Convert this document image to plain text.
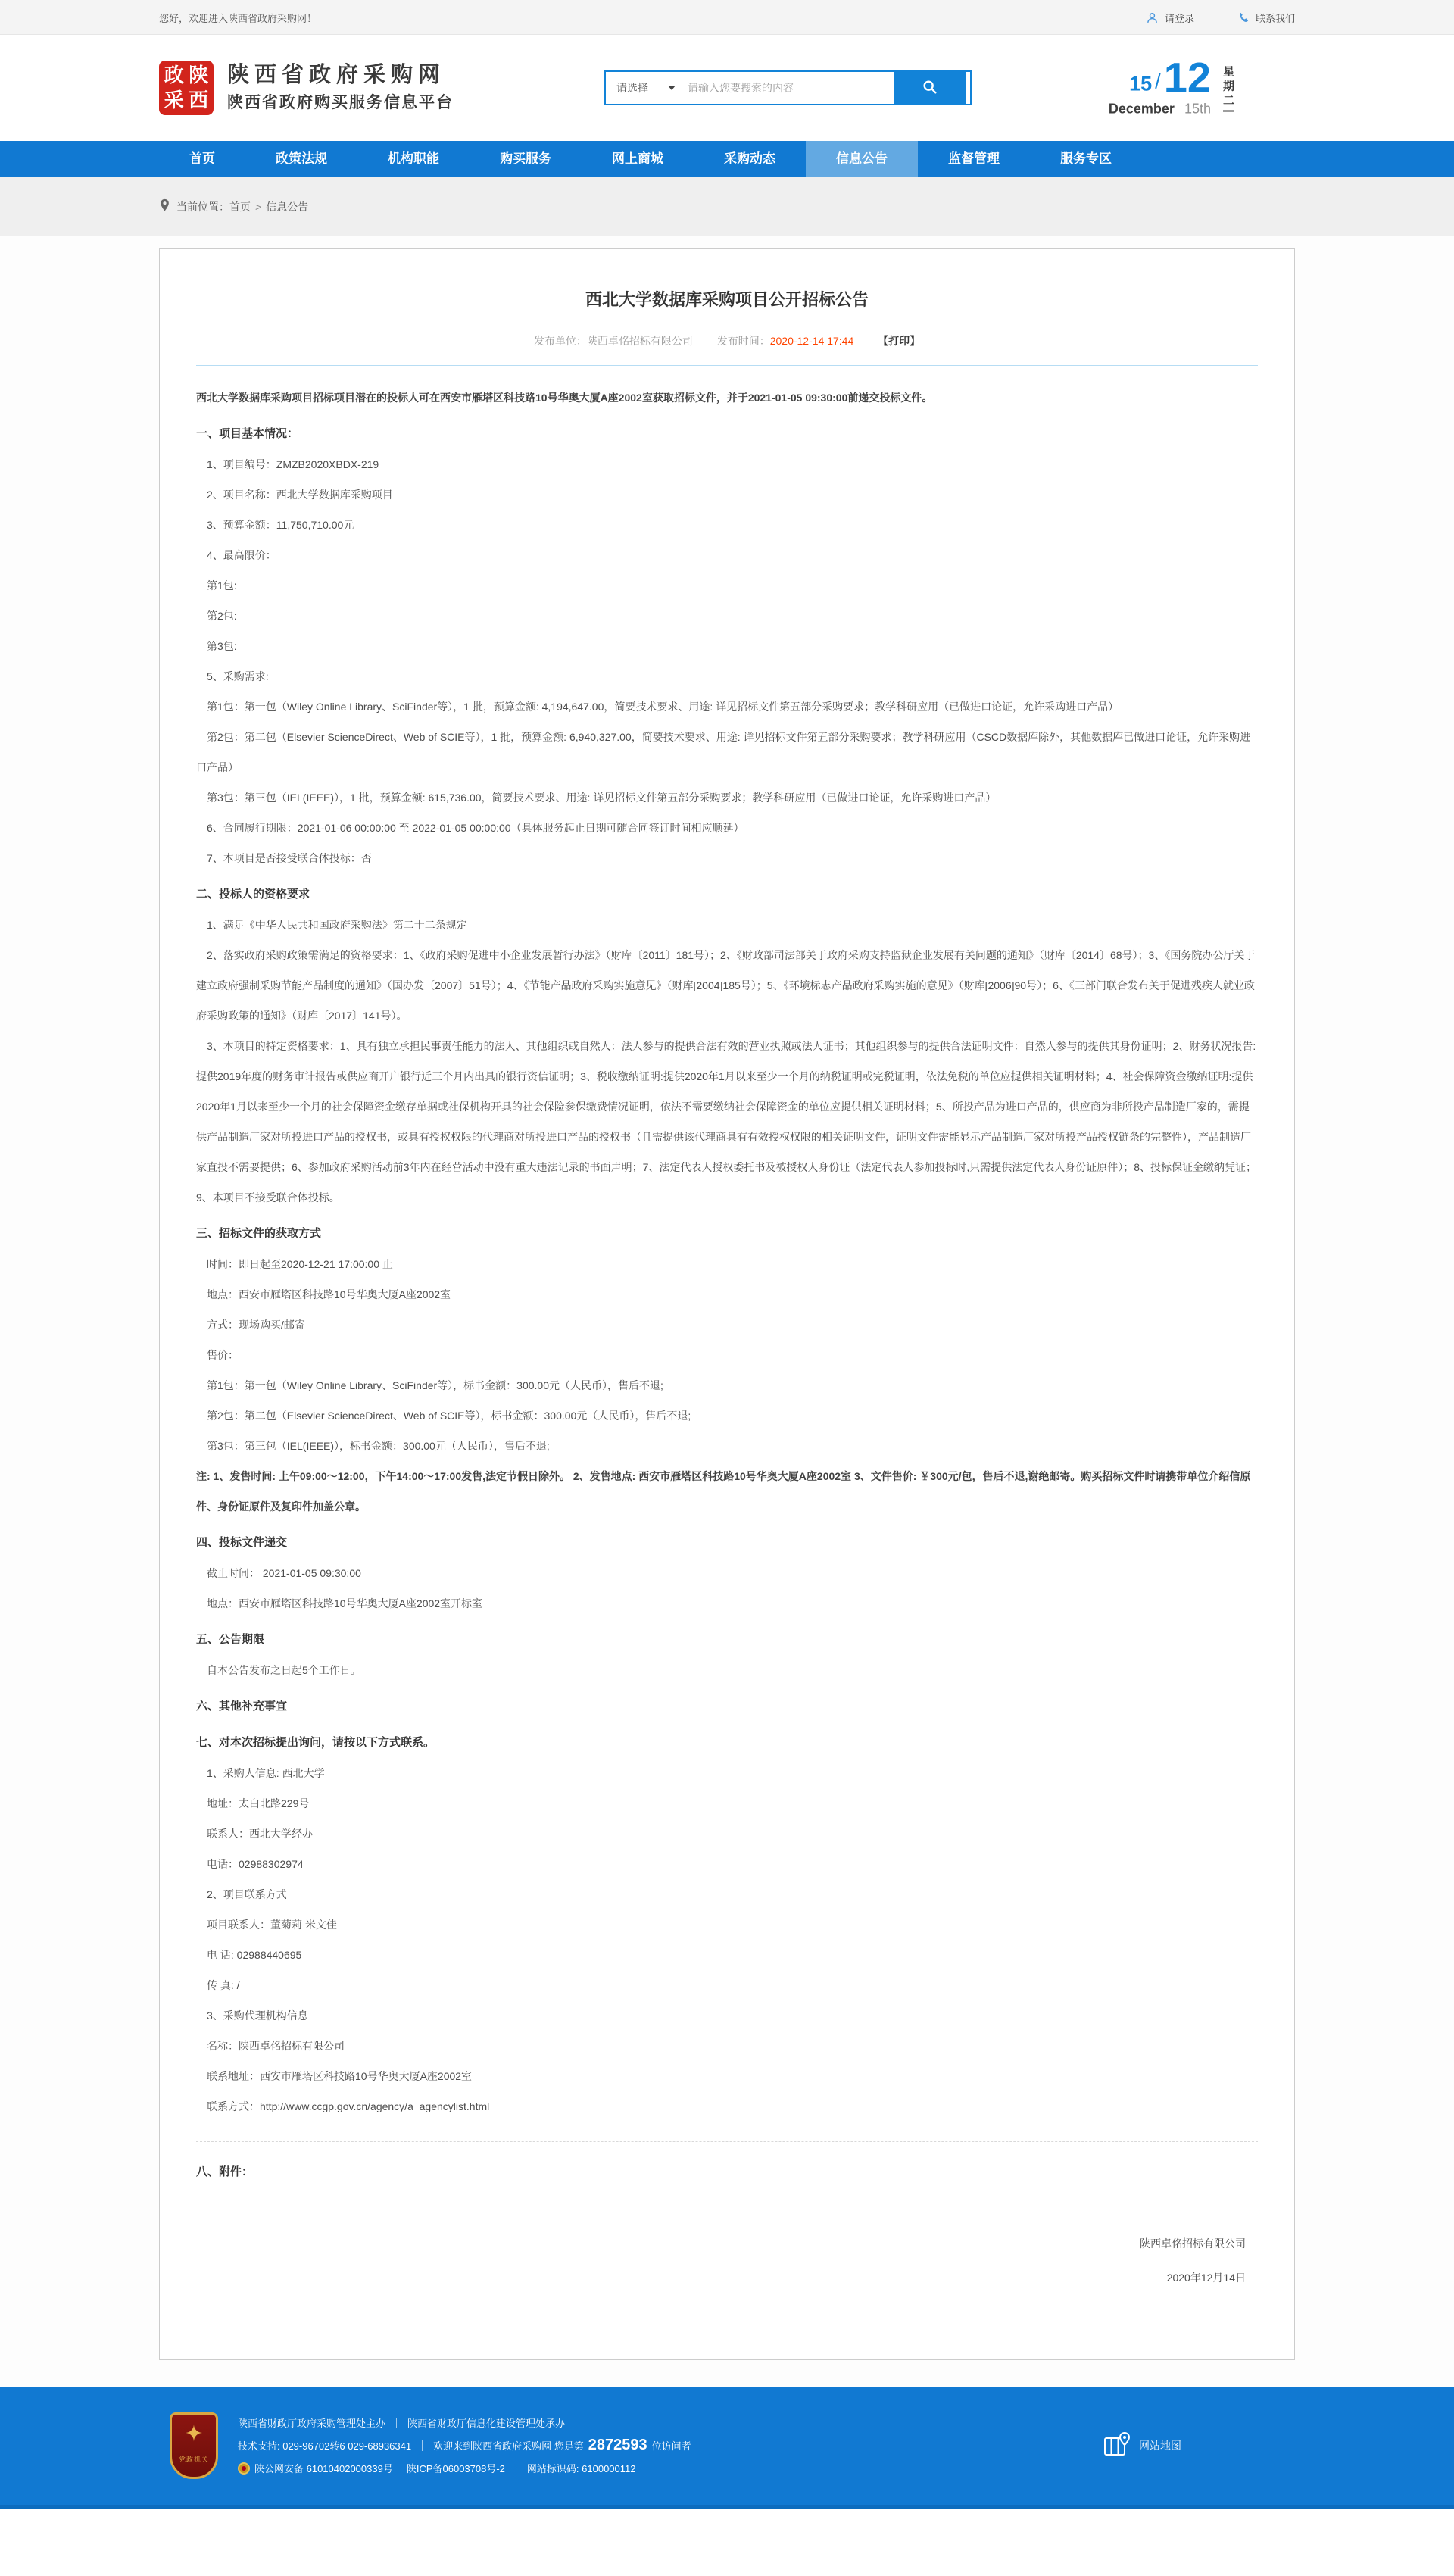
您好，欢迎进入陕西省政府采购网！	请登录	联系我们
政 陕
采 西
陕西省政府采购网
陕西省政府购买服务信息平台
请选择
请输入您要搜索的内容	15 / 12
December 15th
星
期
二
首页	政策法规	机构职能	购买服务	网上商城	采购动态	信息公告	监督管理	服务专区
当前位置：首页 > 信息公告
西北大学数据库采购项目公开招标公告
发布单位：陕西卓佲招标有限公司 发布时间：2020-12-14 17:44 【打印】

西北大学数据库采购项目招标项目潜在的投标人可在西安市雁塔区科技路10号华奥大厦A座2002室获取招标文件，并于2021-01-05 09:30:00前递交投标文件。

一、项目基本情况：

1、项目编号：ZMZB2020XBDX-219

2、项目名称：西北大学数据库采购项目

3、预算金额：11,750,710.00元

4、最高限价：

第1包:

第2包:

第3包:

5、采购需求:

第1包：第一包（Wiley Online Library、SciFinder等），1 批，预算金额: 4,194,647.00，简要技术要求、用途: 详见招标文件第五部分采购要求；教学科研应用（已做进口论证，允许采购进口产品）

第2包：第二包（Elsevier ScienceDirect、Web of SCIE等），1 批，预算金额: 6,940,327.00，简要技术要求、用途: 详见招标文件第五部分采购要求；教学科研应用（CSCD数据库除外，其他数据库已做进口论证，允许采购进口产品）

第3包：第三包（IEL(IEEE)），1 批，预算金额: 615,736.00，简要技术要求、用途: 详见招标文件第五部分采购要求；教学科研应用（已做进口论证，允许采购进口产品）

6、合同履行期限：2021-01-06 00:00:00 至 2022-01-05 00:00:00（具体服务起止日期可随合同签订时间相应顺延）

7、本项目是否接受联合体投标：否

二、投标人的资格要求

1、满足《中华人民共和国政府采购法》第二十二条规定

2、落实政府采购政策需满足的资格要求：1、《政府采购促进中小企业发展暂行办法》（财库〔2011〕181号）；2、《财政部司法部关于政府采购支持监狱企业发展有关问题的通知》（财库〔2014〕68号）；3、《国务院办公厅关于建立政府强制采购节能产品制度的通知》（国办发〔2007〕51号）；4、《节能产品政府采购实施意见》（财库[2004]185号）；5、《环境标志产品政府采购实施的意见》（财库[2006]90号）；6、《三部门联合发布关于促进残疾人就业政府采购政策的通知》（财库〔2017〕141号）。

3、本项目的特定资格要求：1、具有独立承担民事责任能力的法人、其他组织或自然人：法人参与的提供合法有效的营业执照或法人证书；其他组织参与的提供合法证明文件：自然人参与的提供其身份证明；2、财务状况报告:提供2019年度的财务审计报告或供应商开户银行近三个月内出具的银行资信证明；3、税收缴纳证明:提供2020年1月以来至少一个月的纳税证明或完税证明，依法免税的单位应提供相关证明材料；4、社会保障资金缴纳证明:提供2020年1月以来至少一个月的社会保障资金缴存单据或社保机构开具的社会保险参保缴费情况证明，依法不需要缴纳社会保障资金的单位应提供相关证明材料；5、所投产品为进口产品的，供应商为非所投产品制造厂家的，需提供产品制造厂家对所投进口产品的授权书，或具有授权权限的代理商对所投进口产品的授权书（且需提供该代理商具有有效授权权限的相关证明文件，证明文件需能显示产品制造厂家对所投产品授权链条的完整性），产品制造厂家直投不需要提供；6、参加政府采购活动前3年内在经营活动中没有重大违法记录的书面声明；7、法定代表人授权委托书及被授权人身份证（法定代表人参加投标时,只需提供法定代表人身份证原件）；8、投标保证金缴纳凭证；9、本项目不接受联合体投标。

三、招标文件的获取方式

时间：即日起至2020-12-21 17:00:00 止

地点：西安市雁塔区科技路10号华奥大厦A座2002室

方式：现场购买/邮寄

售价：

第1包：第一包（Wiley Online Library、SciFinder等），标书金额：300.00元（人民币），售后不退;

第2包：第二包（Elsevier ScienceDirect、Web of SCIE等），标书金额：300.00元（人民币），售后不退;

第3包：第三包（IEL(IEEE)），标书金额：300.00元（人民币），售后不退;

注: 1、发售时间: 上午09:00～12:00，下午14:00～17:00发售,法定节假日除外。 2、发售地点: 西安市雁塔区科技路10号华奥大厦A座2002室 3、文件售价: ￥300元/包，售后不退,谢绝邮寄。购买招标文件时请携带单位介绍信原件、身份证原件及复印件加盖公章。

四、投标文件递交

截止时间： 2021-01-05 09:30:00

地点：西安市雁塔区科技路10号华奥大厦A座2002室开标室

五、公告期限

自本公告发布之日起5个工作日。

六、其他补充事宜

七、对本次招标提出询问，请按以下方式联系。

1、采购人信息: 西北大学

地址：太白北路229号

联系人：西北大学经办

电话：02988302974

2、项目联系方式

项目联系人：董菊莉 米文佳

电 话: 02988440695

传 真: /

3、采购代理机构信息

名称：陕西卓佲招标有限公司

联系地址：西安市雁塔区科技路10号华奥大厦A座2002室

联系方式：http://www.ccgp.gov.cn/agency/a_agencylist.html

八、附件：

陕西卓佲招标有限公司
2020年12月14日
✦
党政机关
陕西省财政厅政府采购管理处主办 陕西省财政厅信息化建设管理处承办
技术支持: 029-96702转6 029-68936341 欢迎来到陕西省政府采购网 您是第 2872593 位访问者
陕公网安备 61010402000339号 陕ICP备06003708号-2 网站标识码: 6100000112
网站地图
